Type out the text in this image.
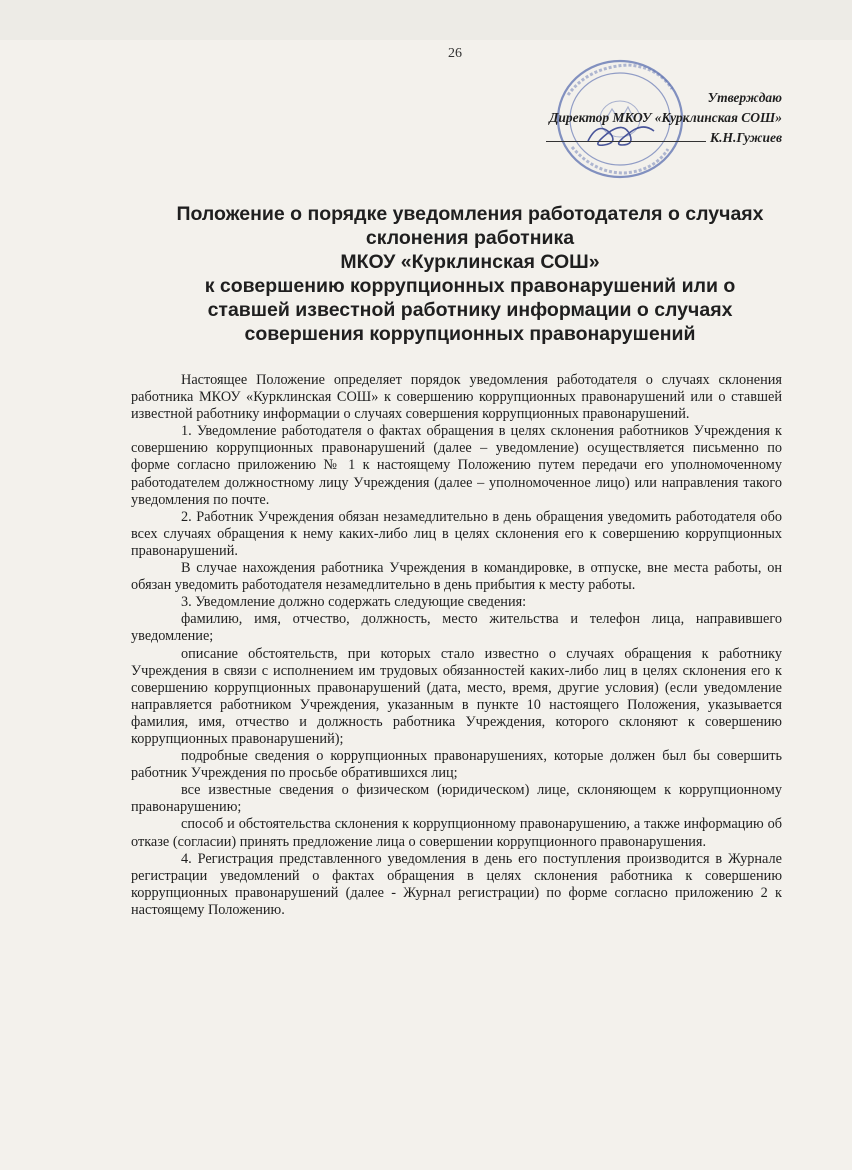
26
Утверждаю
Директор МКОУ «Курклинская СОШ»
К.Н.Гужиев
Положение о порядке уведомления работодателя о случаях
склонения работника
МКОУ «Курклинская СОШ»
к совершению коррупционных правонарушений или о
ставшей известной работнику информации о случаях
совершения коррупционных правонарушений

Настоящее Положение определяет порядок уведомления работодателя о случаях склонения работника МКОУ «Курклинская СОШ» к совершению коррупционных правонарушений или о ставшей известной работнику информации о случаях совершения коррупционных правонарушений.

1. Уведомление работодателя о фактах обращения в целях склонения работников Учреждения к совершению коррупционных правонарушений (далее – уведомление) осуществляется письменно по форме согласно приложению № 1 к настоящему Положению путем передачи его уполномоченному работодателем должностному лицу Учреждения (далее – уполномоченное лицо) или направления такого уведомления по почте.

2. Работник Учреждения обязан незамедлительно в день обращения уведомить работодателя обо всех случаях обращения к нему каких-либо лиц в целях склонения его к совершению коррупционных правонарушений.

В случае нахождения работника Учреждения в командировке, в отпуске, вне места работы, он обязан уведомить работодателя незамедлительно в день прибытия к месту работы.

3. Уведомление должно содержать следующие сведения:

фамилию, имя, отчество, должность, место жительства и телефон лица, направившего уведомление;

описание обстоятельств, при которых стало известно о случаях обращения к работнику Учреждения в связи с исполнением им трудовых обязанностей каких-либо лиц в целях склонения его к совершению коррупционных правонарушений (дата, место, время, другие условия) (если уведомление направляется работником Учреждения, указанным в пункте 10 настоящего Положения, указывается фамилия, имя, отчество и должность работника Учреждения, которого склоняют к совершению коррупционных правонарушений);

подробные сведения о коррупционных правонарушениях, которые должен был бы совершить работник Учреждения по просьбе обратившихся лиц;

все известные сведения о физическом (юридическом) лице, склоняющем к коррупционному правонарушению;

способ и обстоятельства склонения к коррупционному правонарушению, а также информацию об отказе (согласии) принять предложение лица о совершении коррупционного правонарушения.

4. Регистрация представленного уведомления в день его поступления производится в Журнале регистрации уведомлений о фактах обращения в целях склонения работника к совершению коррупционных правонарушений (далее - Журнал регистрации) по форме согласно приложению 2 к настоящему Положению.
